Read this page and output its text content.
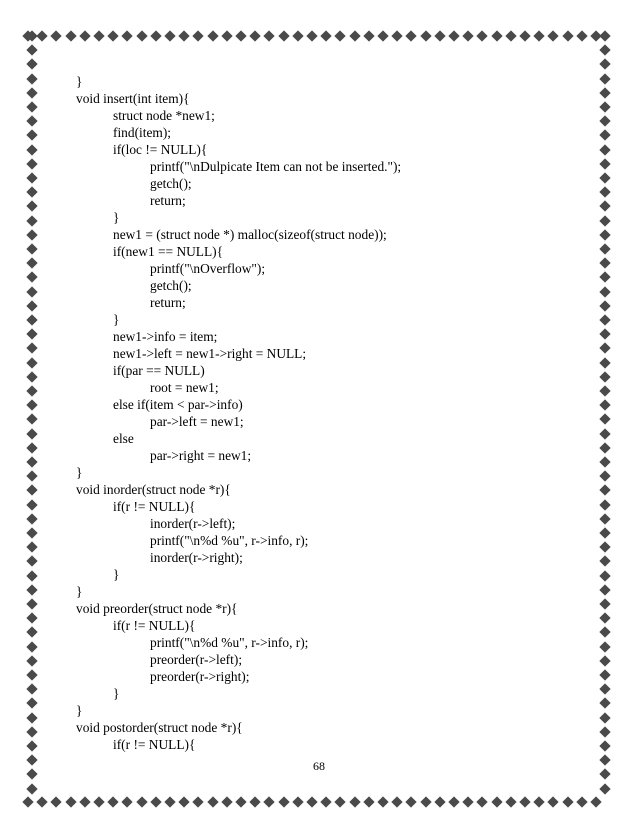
}
void insert(int item){
struct node *new1;
find(item);
if(loc != NULL){
printf("\nDulpicate Item can not be inserted.");
getch();
return;
}
new1 = (struct node *) malloc(sizeof(struct node));
if(new1 == NULL){
printf("\nOverflow");
getch();
return;
}
new1->info = item;
new1->left = new1->right = NULL;
if(par == NULL)
root = new1;
else if(item < par->info)
par->left = new1;
else
par->right = new1;
}
void inorder(struct node *r){
if(r != NULL){
inorder(r->left);
printf("\n%d %u", r->info, r);
inorder(r->right);
}
}
void preorder(struct node *r){
if(r != NULL){
printf("\n%d %u", r->info, r);
preorder(r->left);
preorder(r->right);
}
}
void postorder(struct node *r){
if(r != NULL){
68
